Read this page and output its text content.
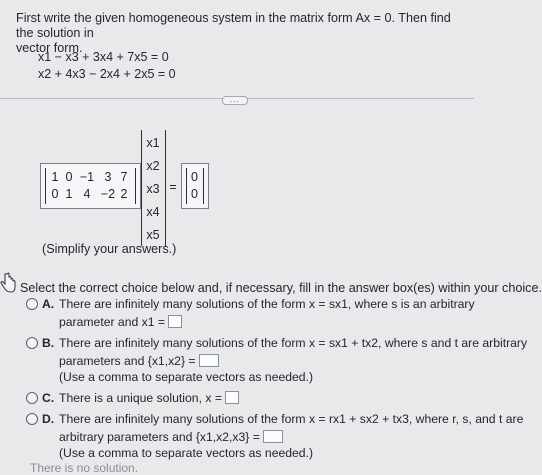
First write the given homogeneous system in the matrix form Ax = 0. Then find the solution in
vector form.
x1 − x3 + 3x4 + 7x5 = 0
x2 + 4x3 − 2x4 + 2x5 = 0
...
1 0 −1 3 7
0 1 4 −2 2
x1
x2
x3
x4
x5
=
0
0
(Simplify your answers.)
Select the correct choice below and, if necessary, fill in the answer box(es) within your choice.
A. There are infinitely many solutions of the form x = sx1, where s is an arbitrary
parameter and x1 =
B. There are infinitely many solutions of the form x = sx1 + tx2, where s and t are arbitrary
parameters and {x1,x2} =
(Use a comma to separate vectors as needed.)
C. There is a unique solution, x =
D. There are infinitely many solutions of the form x = rx1 + sx2 + tx3, where r, s, and t are
arbitrary parameters and {x1,x2,x3} =
(Use a comma to separate vectors as needed.)
There is no solution.
